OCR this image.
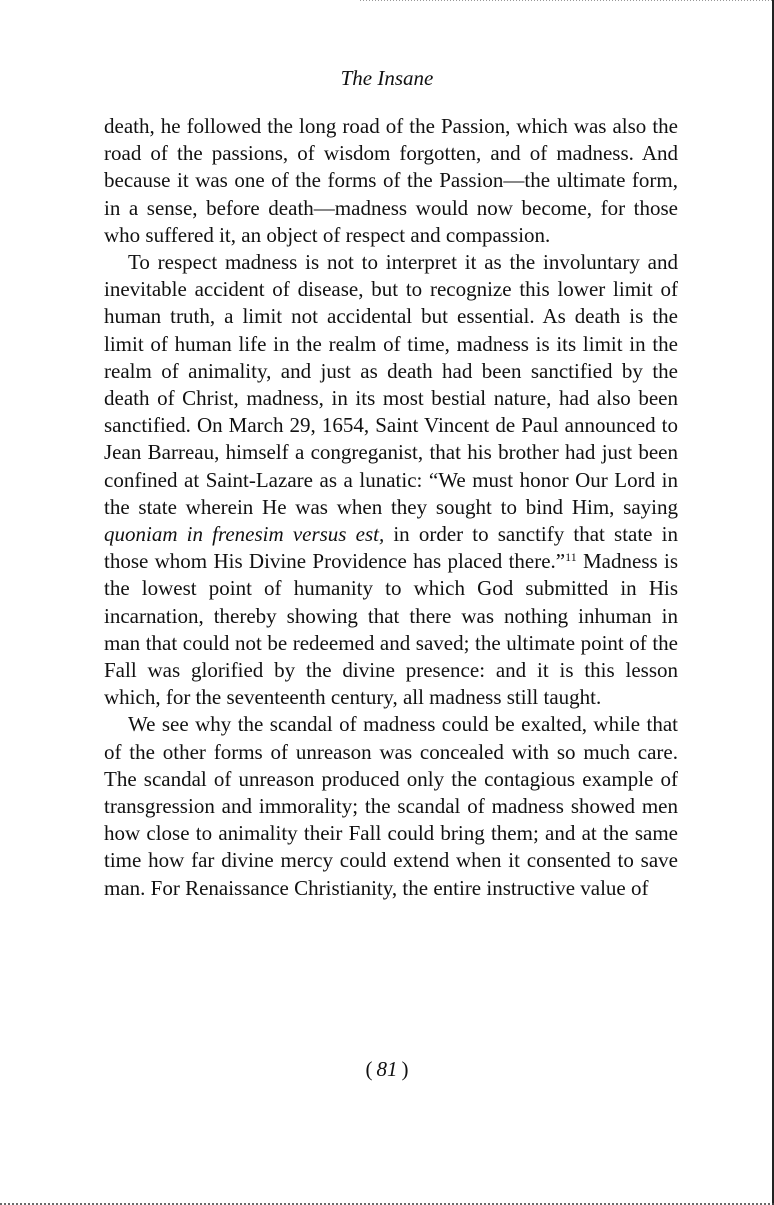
The Insane

death, he followed the long road of the Passion, which was also the road of the passions, of wisdom forgotten, and of madness. And because it was one of the forms of the Passion—the ultimate form, in a sense, before death—madness would now become, for those who suffered it, an object of respect and compassion.

To respect madness is not to interpret it as the involuntary and inevitable accident of disease, but to recognize this lower limit of human truth, a limit not accidental but essential. As death is the limit of human life in the realm of time, madness is its limit in the realm of animality, and just as death had been sanctified by the death of Christ, madness, in its most bestial nature, had also been sanctified. On March 29, 1654, Saint Vincent de Paul announced to Jean Barreau, himself a congreganist, that his brother had just been confined at Saint-Lazare as a lunatic: “We must honor Our Lord in the state wherein He was when they sought to bind Him, saying quoniam in frenesim versus est, in order to sanctify that state in those whom His Divine Providence has placed there.”$^{11}$ Madness is the lowest point of humanity to which God submitted in His incarnation, thereby showing that there was nothing inhuman in man that could not be redeemed and saved; the ultimate point of the Fall was glorified by the divine presence: and it is this lesson which, for the seventeenth century, all madness still taught.

We see why the scandal of madness could be exalted, while that of the other forms of unreason was concealed with so much care. The scandal of unreason produced only the contagious example of transgression and immorality; the scandal of madness showed men how close to animality their Fall could bring them; and at the same time how far divine mercy could extend when it consented to save man. For Renaissance Christianity, the entire instructive value of

( 81 )
